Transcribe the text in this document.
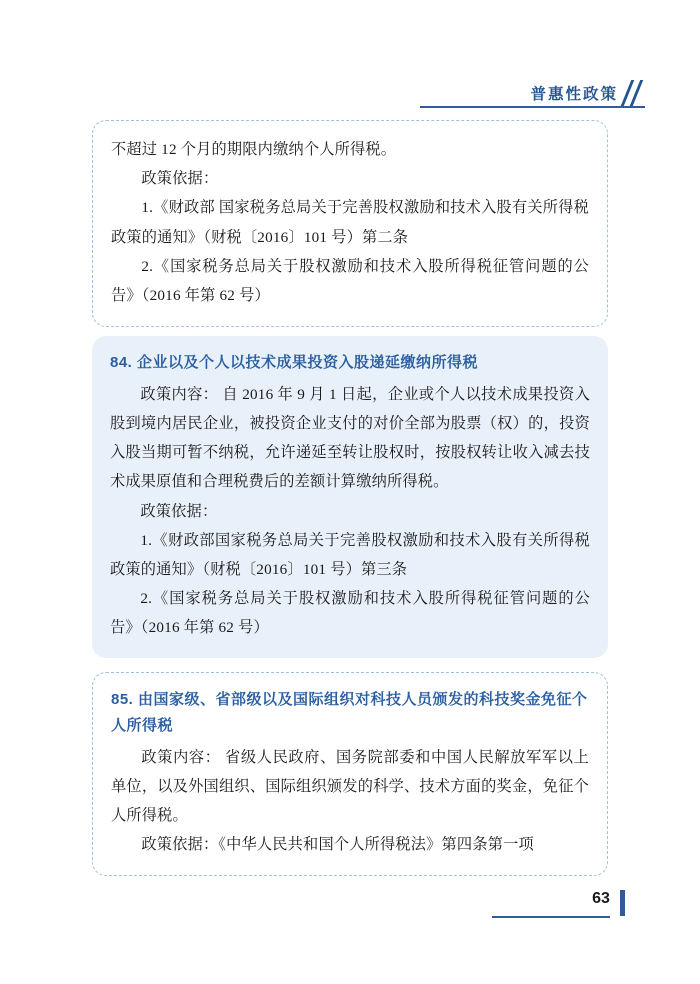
普惠性政策

不超过 12 个月的期限内缴纳个人所得税。

政策依据：

1.《财政部 国家税务总局关于完善股权激励和技术入股有关所得税政策的通知》（财税〔2016〕101 号）第二条

2.《国家税务总局关于股权激励和技术入股所得税征管问题的公告》（2016 年第 62 号）

84. 企业以及个人以技术成果投资入股递延缴纳所得税

政策内容： 自 2016 年 9 月 1 日起，企业或个人以技术成果投资入股到境内居民企业，被投资企业支付的对价全部为股票（权）的，投资入股当期可暂不纳税，允许递延至转让股权时，按股权转让收入减去技术成果原值和合理税费后的差额计算缴纳所得税。

政策依据：

1.《财政部国家税务总局关于完善股权激励和技术入股有关所得税政策的通知》（财税〔2016〕101 号）第三条

2.《国家税务总局关于股权激励和技术入股所得税征管问题的公告》（2016 年第 62 号）

85. 由国家级、省部级以及国际组织对科技人员颁发的科技奖金免征个人所得税

政策内容： 省级人民政府、国务院部委和中国人民解放军军以上单位，以及外国组织、国际组织颁发的科学、技术方面的奖金，免征个人所得税。

政策依据：《中华人民共和国个人所得税法》第四条第一项

63
